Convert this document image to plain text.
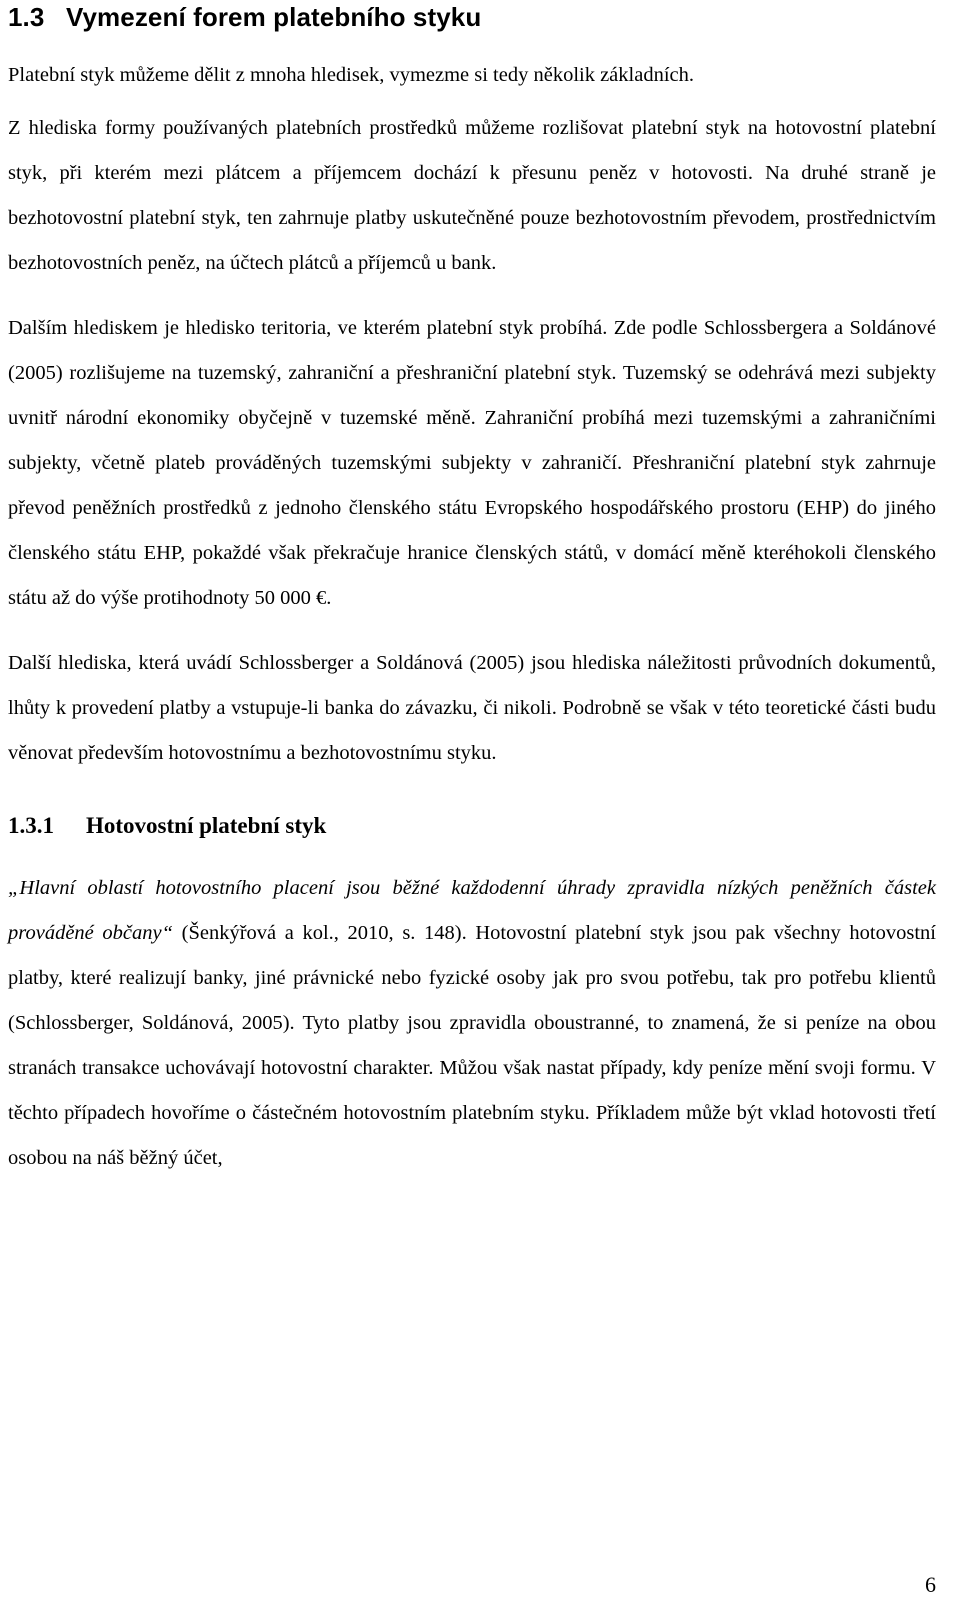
1.3 Vymezení forem platebního styku

Platební styk můžeme dělit z mnoha hledisek, vymezme si tedy několik základních.

Z hlediska formy používaných platebních prostředků můžeme rozlišovat platební styk na hotovostní platební styk, při kterém mezi plátcem a příjemcem dochází k přesunu peněz v hotovosti. Na druhé straně je bezhotovostní platební styk, ten zahrnuje platby uskutečněné pouze bezhotovostním převodem, prostřednictvím bezhotovostních peněz, na účtech plátců a příjemců u bank.

Dalším hlediskem je hledisko teritoria, ve kterém platební styk probíhá. Zde podle Schlossbergera a Soldánové (2005) rozlišujeme na tuzemský, zahraniční a přeshraniční platební styk. Tuzemský se odehrává mezi subjekty uvnitř národní ekonomiky obyčejně v tuzemské měně. Zahraniční probíhá mezi tuzemskými a zahraničními subjekty, včetně plateb prováděných tuzemskými subjekty v zahraničí. Přeshraniční platební styk zahrnuje převod peněžních prostředků z jednoho členského státu Evropského hospodářského prostoru (EHP) do jiného členského státu EHP, pokaždé však překračuje hranice členských států, v domácí měně kteréhokoli členského státu až do výše protihodnoty 50 000 €.

Další hlediska, která uvádí Schlossberger a Soldánová (2005) jsou hlediska náležitosti průvodních dokumentů, lhůty k provedení platby a vstupuje-li banka do závazku, či nikoli. Podrobně se však v této teoretické části budu věnovat především hotovostnímu a bezhotovostnímu styku.

1.3.1 Hotovostní platební styk

„Hlavní oblastí hotovostního placení jsou běžné každodenní úhrady zpravidla nízkých peněžních částek prováděné občany“ (Šenkýřová a kol., 2010, s. 148). Hotovostní platební styk jsou pak všechny hotovostní platby, které realizují banky, jiné právnické nebo fyzické osoby jak pro svou potřebu, tak pro potřebu klientů (Schlossberger, Soldánová, 2005). Tyto platby jsou zpravidla oboustranné, to znamená, že si peníze na obou stranách transakce uchovávají hotovostní charakter. Můžou však nastat případy, kdy peníze mění svoji formu. V těchto případech hovoříme o částečném hotovostním platebním styku. Příkladem může být vklad hotovosti třetí osobou na náš běžný účet,

6
